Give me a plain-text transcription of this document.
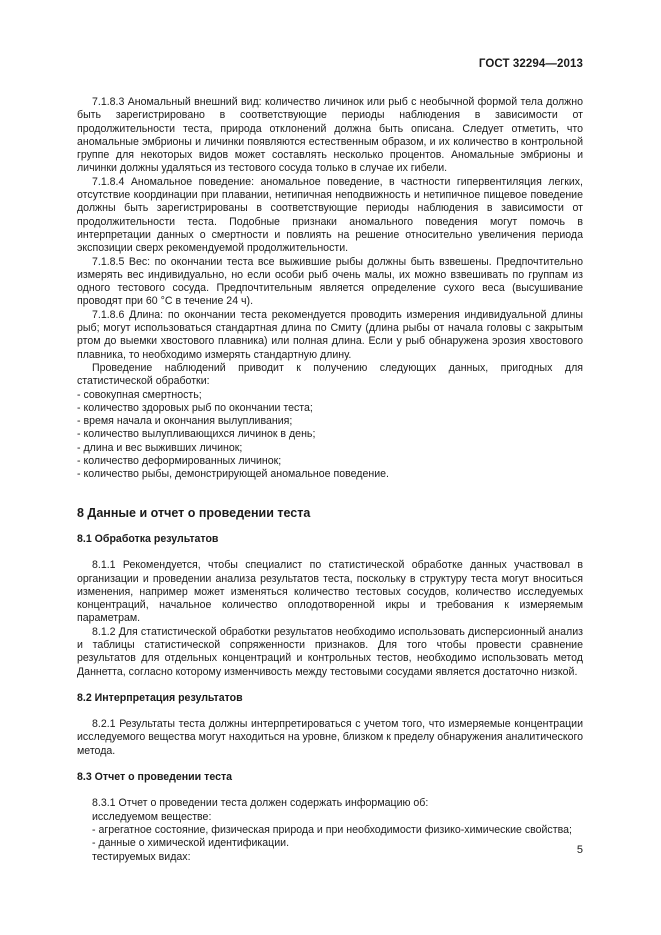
ГОСТ 32294—2013

7.1.8.3 Аномальный внешний вид: количество личинок или рыб с необычной формой тела должно быть зарегистрировано в соответствующие периоды наблюдения в зависимости от продолжительности теста, природа отклонений должна быть описана. Следует отметить, что аномальные эмбрионы и личинки появляются естественным образом, и их количество в контрольной группе для некоторых видов может составлять несколько процентов. Аномальные эмбрионы и личинки должны удаляться из тестового сосуда только в случае их гибели.

7.1.8.4 Аномальное поведение: аномальное поведение, в частности гипервентиляция легких, отсутствие координации при плавании, нетипичная неподвижность и нетипичное пищевое поведение должны быть зарегистрированы в соответствующие периоды наблюдения в зависимости от продолжительности теста. Подобные признаки аномального поведения могут помочь в интерпретации данных о смертности и повлиять на решение относительно увеличения периода экспозиции сверх рекомендуемой продолжительности.

7.1.8.5 Вес: по окончании теста все выжившие рыбы должны быть взвешены. Предпочтительно измерять вес индивидуально, но если особи рыб очень малы, их можно взвешивать по группам из одного тестового сосуда. Предпочтительным является определение сухого веса (высушивание проводят при 60 °С в течение 24 ч).

7.1.8.6 Длина: по окончании теста рекомендуется проводить измерения индивидуальной длины рыб; могут использоваться стандартная длина по Смиту (длина рыбы от начала головы с закрытым ртом до выемки хвостового плавника) или полная длина. Если у рыб обнаружена эрозия хвостового плавника, то необходимо измерять стандартную длину.

Проведение наблюдений приводит к получению следующих данных, пригодных для статистической обработки:

- совокупная смертность;
- количество здоровых рыб по окончании теста;
- время начала и окончания вылупливания;
- количество вылупливающихся личинок в день;
- длина и вес выживших личинок;
- количество деформированных личинок;
- количество рыбы, демонстрирующей аномальное поведение.
8 Данные и отчет о проведении теста
8.1 Обработка результатов

8.1.1 Рекомендуется, чтобы специалист по статистической обработке данных участвовал в организации и проведении анализа результатов теста, поскольку в структуру теста могут вноситься изменения, например может изменяться количество тестовых сосудов, количество исследуемых концентраций, начальное количество оплодотворенной икры и требования к измеряемым параметрам.

8.1.2 Для статистической обработки результатов необходимо использовать дисперсионный анализ и таблицы статистической сопряженности признаков. Для того чтобы провести сравнение результатов для отдельных концентраций и контрольных тестов, необходимо использовать метод Даннетта, согласно которому изменчивость между тестовыми сосудами является достаточно низкой.

8.2 Интерпретация результатов

8.2.1 Результаты теста должны интерпретироваться с учетом того, что измеряемые концентрации исследуемого вещества могут находиться на уровне, близком к пределу обнаружения аналитического метода.

8.3 Отчет о проведении теста

8.3.1 Отчет о проведении теста должен содержать информацию об:

исследуемом веществе:

- агрегатное состояние, физическая природа и при необходимости физико-химические свойства;
- данные о химической идентификации.

тестируемых видах:

5
